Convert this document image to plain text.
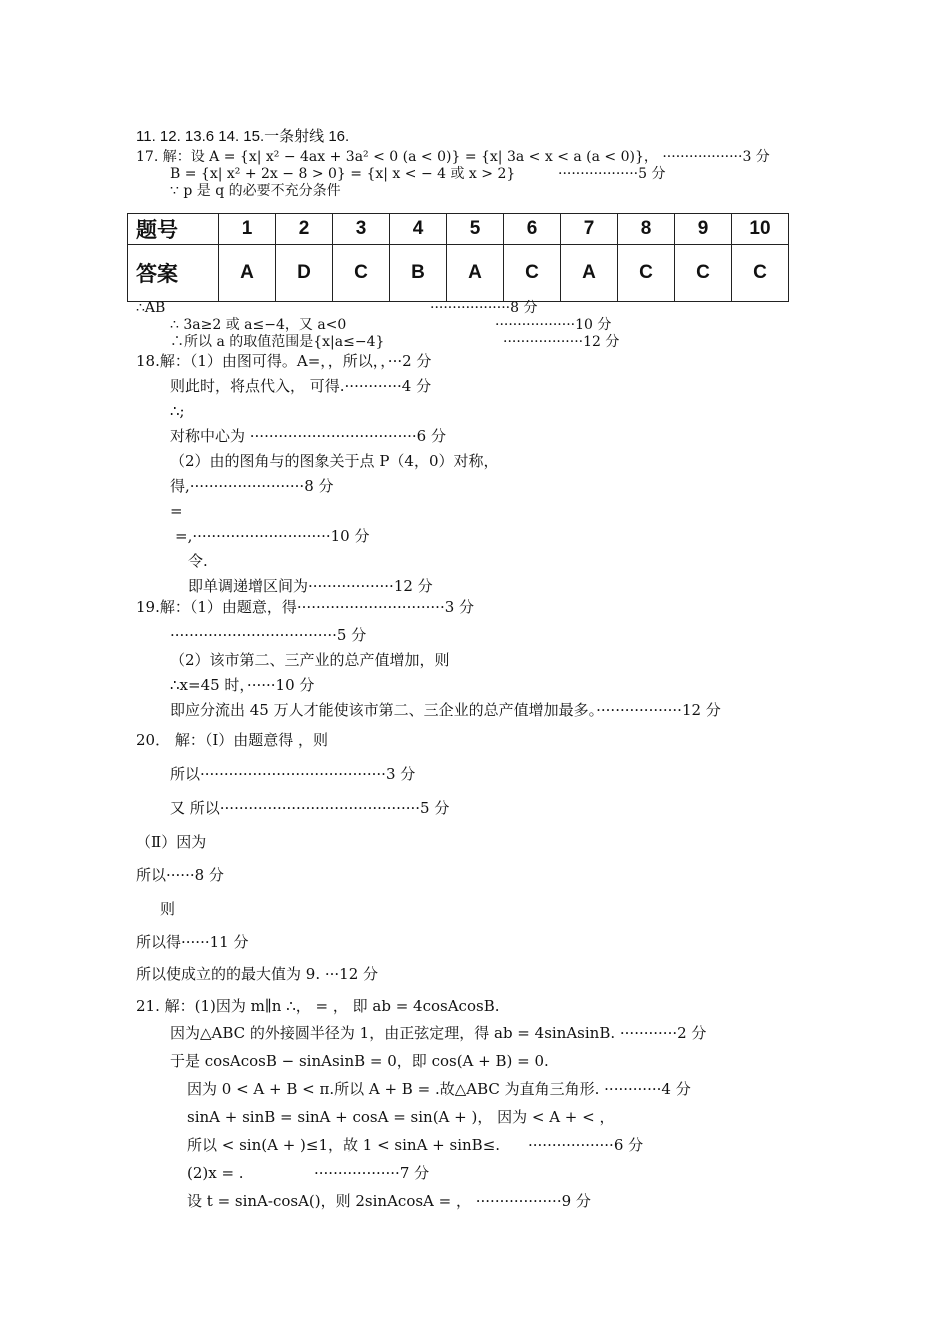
11. 12. 13.6 14. 15.一条射线 16.
17. 解：设 A = {x| x² − 4ax + 3a² < 0 (a < 0)} = {x| 3a < x < a (a < 0)}， ··················3 分
B = {x| x² + 2x − 8 > 0} = {x| x < − 4 或 x > 2}	··················5 分
∵ p 是 q 的必要不充分条件
题号	1	2	3	4	5	6	7	8	9	10
答案	A	D	C	B	A	C	A	C	C	C
∴AB	··················8 分
∴ 3a≥2 或 a≤−4，又 a<0	··················10 分
∴所以 a 的取值范围是{x|a≤−4}	··················12 分
18.解：（1）由图可得。A=，，所以，，···2 分
则此时，将点代入， 可得.············4 分
∴;
对称中心为 ···································6 分
（2）由的图角与的图象关于点 P（4，0）对称，
得,························8 分
=
=,·····························10 分
令.
即单调递增区间为··················12 分
19.解：（1）由题意，得·······························3 分
···································5 分
（2）该市第二、三产业的总产值增加，则
∴x=45 时，······10 分
即应分流出 45 万人才能使该市第二、三企业的总产值增加最多。··················12 分
20． 解：（Ⅰ）由题意得 ，则
所以·······································3 分
又 所以··········································5 分
（Ⅱ）因为
所以······8 分
则
所以得······11 分
所以使成立的的最大值为 9. ···12 分
21. 解：(1)因为 m∥n ∴， = ， 即 ab = 4cosAcosB.
因为△ABC 的外接圆半径为 1，由正弦定理，得 ab = 4sinAsinB. ············2 分
于是 cosAcosB − sinAsinB = 0，即 cos(A + B) = 0.
因为 0 < A + B < π.所以 A + B = .故△ABC 为直角三角形. ············4 分
sinA + sinB = sinA + cosA = sin(A + )， 因为 < A + < ，
所以 < sin(A + )≤1，故 1 < sinA + sinB≤. ··················6 分
(2)x = .	··················7 分
设 t = sinA-cosA()，则 2sinAcosA = ， ··················9 分
